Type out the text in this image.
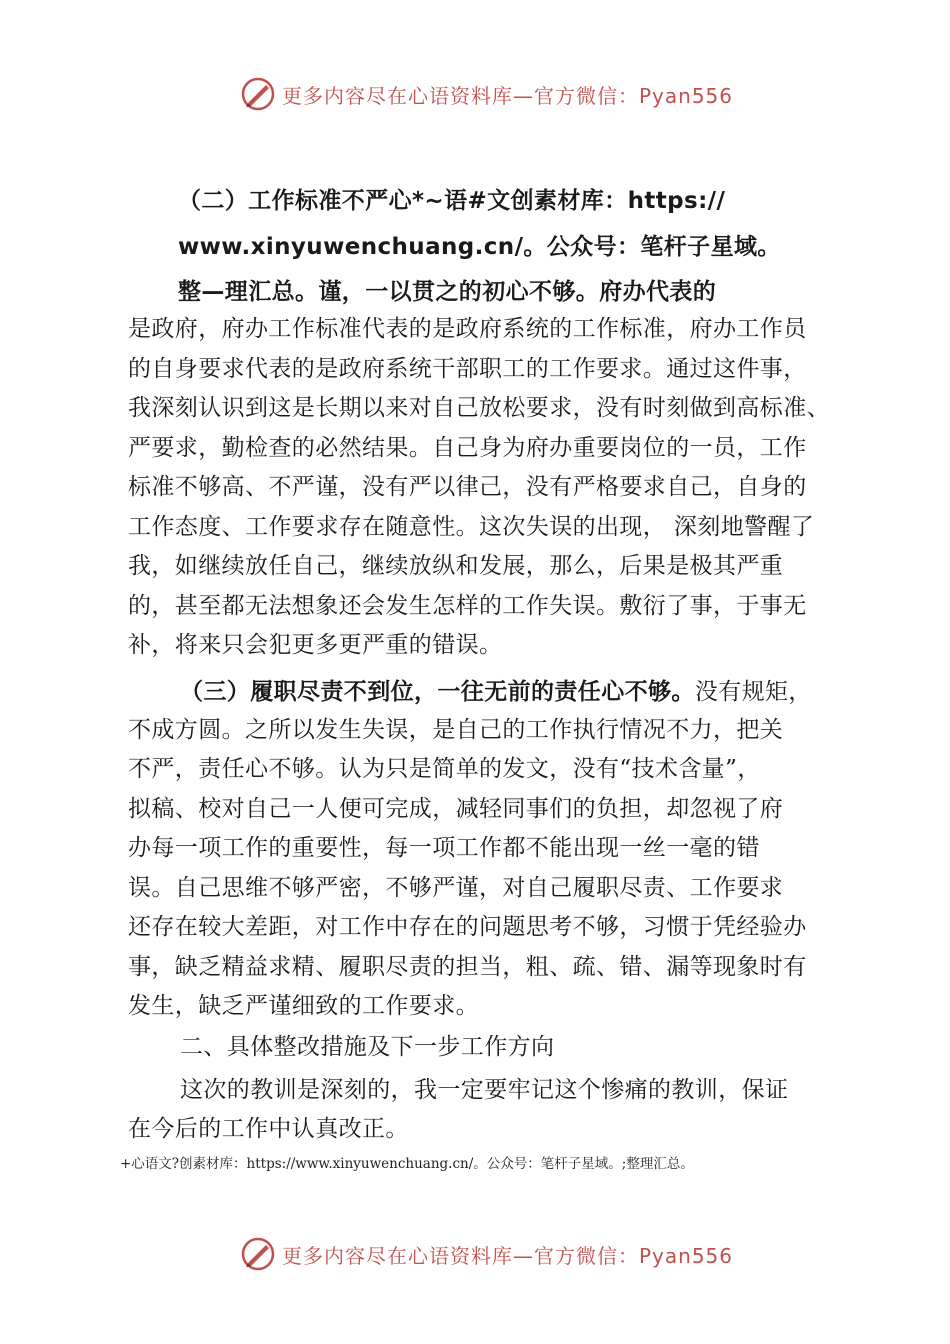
更多内容尽在心语资料库—官方微信：Pyan556
（二）工作标准不严心*~语#文创素材库：https://
www.xinyuwenchuang.cn/。公众号：笔杆子星域。
整—理汇总。谨，一以贯之的初心不够。府办代表的
是政府，府办工作标准代表的是政府系统的工作标准，府办工作员
的自身要求代表的是政府系统干部职工的工作要求。通过这件事，
我深刻认识到这是长期以来对自己放松要求，没有时刻做到高标准、
严要求，勤检查的必然结果。自己身为府办重要岗位的一员，工作
标准不够高、不严谨，没有严以律己，没有严格要求自己，自身的
工作态度、工作要求存在随意性。这次失误的出现， 深刻地警醒了
我，如继续放任自己，继续放纵和发展，那么，后果是极其严重
的，甚至都无法想象还会发生怎样的工作失误。敷衍了事，于事无
补，将来只会犯更多更严重的错误。
（三）履职尽责不到位，一往无前的责任心不够。没有规矩，
不成方圆。之所以发生失误，是自己的工作执行情况不力，把关
不严，责任心不够。认为只是简单的发文，没有“技术含量”，
拟稿、校对自己一人便可完成，减轻同事们的负担，却忽视了府
办每一项工作的重要性，每一项工作都不能出现一丝一毫的错
误。自己思维不够严密，不够严谨，对自己履职尽责、工作要求
还存在较大差距，对工作中存在的问题思考不够，习惯于凭经验办
事，缺乏精益求精、履职尽责的担当，粗、疏、错、漏等现象时有
发生，缺乏严谨细致的工作要求。
二、具体整改措施及下一步工作方向
这次的教训是深刻的，我一定要牢记这个惨痛的教训，保证
在今后的工作中认真改正。
+心语文?创素材库：https://www.xinyuwenchuang.cn/。公众号：笔杆子星域。;整理汇总。
更多内容尽在心语资料库—官方微信：Pyan556
